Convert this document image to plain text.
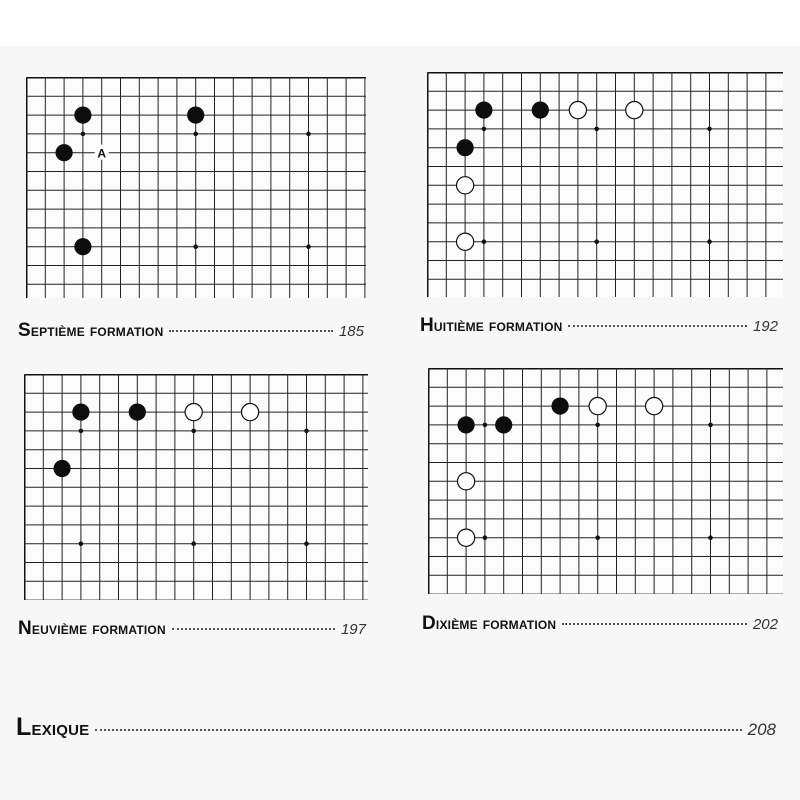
A
Septième formation	185	huitième formation	192
Neuvième formation	197	dixième formation	202
Lexique	208
